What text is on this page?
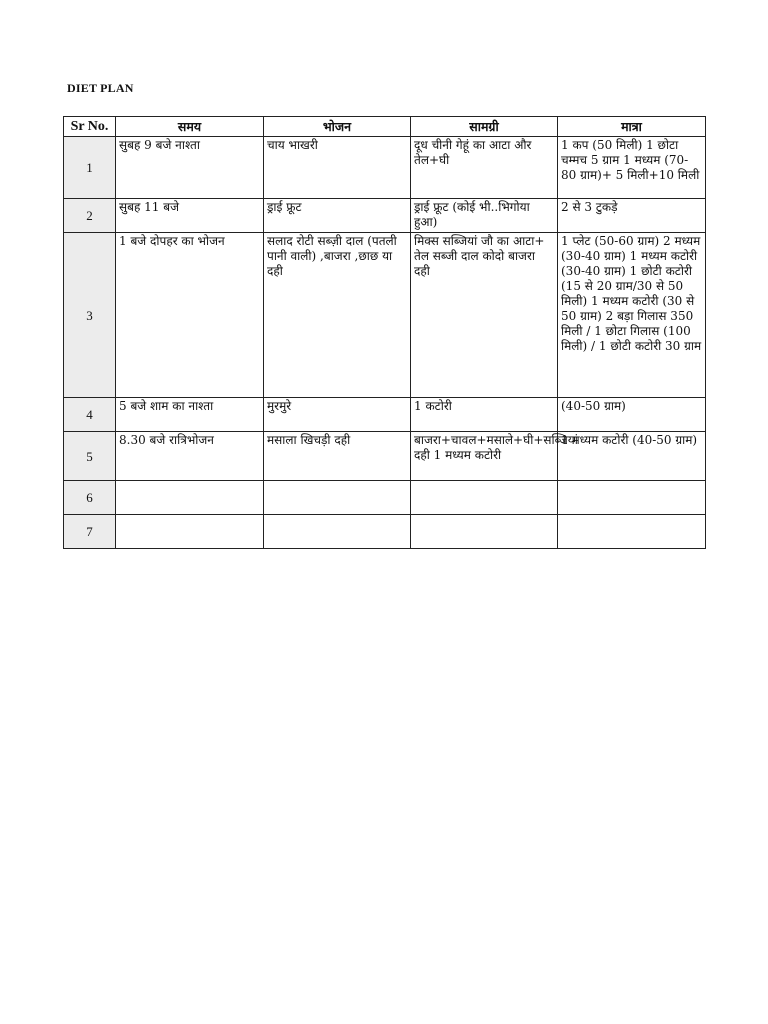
DIET PLAN
Sr No.	समय	भोजन	सामग्री	मात्रा
1	सुबह 9 बजे नाश्ता	चाय भाखरी	दूध चीनी गेहूं का आटा और तेल+घी	1 कप (50 मिली) 1 छोटा चम्मच 5 ग्राम 1 मध्यम (70-80 ग्राम)+ 5 मिली+10 मिली
2	सुबह 11 बजे	ड्राई फ्रूट	ड्राई फ्रूट (कोई भी..भिगोया हुआ)	2 से 3 टुकड़े
3	1 बजे दोपहर का भोजन	सलाद रोटी सब्ज़ी दाल (पतली पानी वाली) ,बाजरा ,छाछ या दही	मिक्स सब्जियां जौ का आटा+ तेल सब्जी दाल कोदो बाजरा दही	1 प्लेट (50-60 ग्राम) 2 मध्यम (30-40 ग्राम) 1 मध्यम कटोरी (30-40 ग्राम) 1 छोटी कटोरी (15 से 20 ग्राम/30 से 50 मिली) 1 मध्यम कटोरी (30 से 50 ग्राम) 2 बड़ा गिलास 350 मिली / 1 छोटा गिलास (100 मिली) / 1 छोटी कटोरी 30 ग्राम
4	5 बजे शाम का नाश्ता	मुरमुरे	1 कटोरी	(40-50 ग्राम)
5	8.30 बजे रात्रिभोजन	मसाला खिचड़ी दही	बाजरा+चावल+मसाले+घी+सब्जियां दही 1 मध्यम कटोरी	1 मध्यम कटोरी (40-50 ग्राम)
6				
7				
